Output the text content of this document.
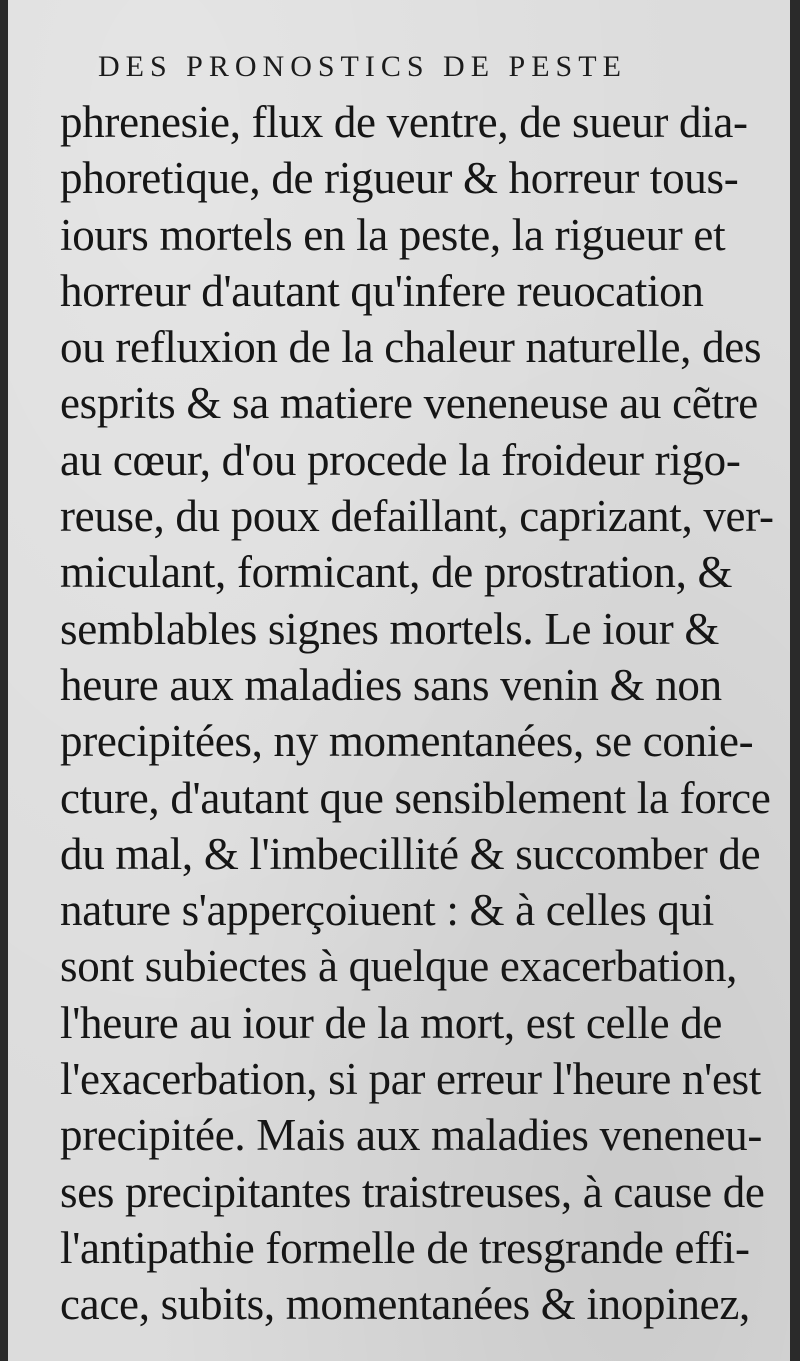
DES PRONOSTICS DE PESTE
phrenesie, flux de ventre, de sueur dia-
phoretique, de rigueur & horreur tous-
iours mortels en la peste, la rigueur et
horreur d'autant qu'infere reuocation
ou refluxion de la chaleur naturelle, des
esprits & sa matiere veneneuse au cẽtre
au cœur, d'ou procede la froideur rigo-
reuse, du poux defaillant, caprizant, ver-
miculant, formicant, de prostration, &
semblables signes mortels. Le iour &
heure aux maladies sans venin & non
precipitées, ny momentanées, se conie-
cture, d'autant que sensiblement la force
du mal, & l'imbecillité & succomber de
nature s'apperçoiuent : & à celles qui
sont subiectes à quelque exacerbation,
l'heure au iour de la mort, est celle de
l'exacerbation, si par erreur l'heure n'est
precipitée. Mais aux maladies veneneu-
ses precipitantes traistreuses, à cause de
l'antipathie formelle de tresgrande effi-
cace, subits, momentanées & inopinez,
